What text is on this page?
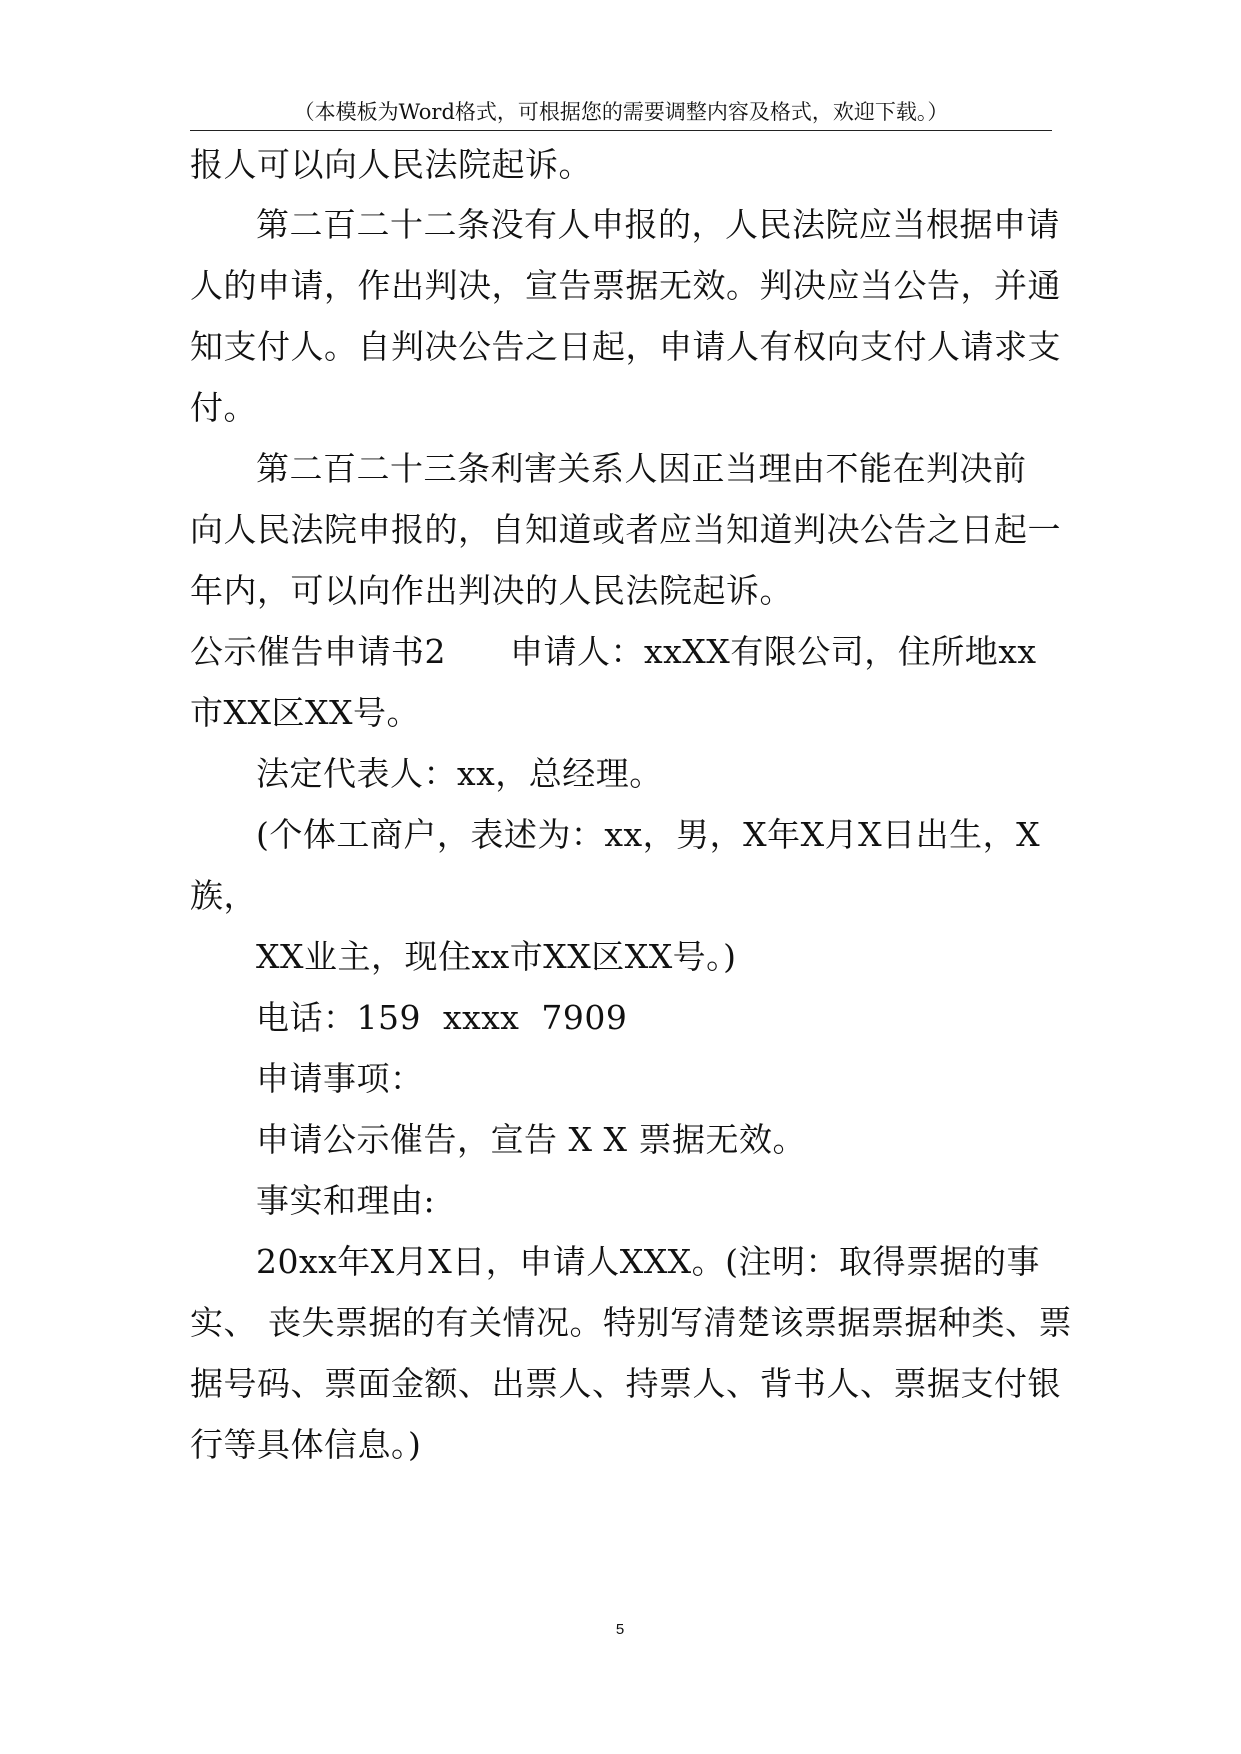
（本模板为Word格式，可根据您的需要调整内容及格式，欢迎下载。）
报人可以向人民法院起诉。
第二百二十二条没有人申报的，人民法院应当根据申请
人的申请，作出判决，宣告票据无效。判决应当公告，并通
知支付人。自判决公告之日起，申请人有权向支付人请求支
付。
第二百二十三条利害关系人因正当理由不能在判决前
向人民法院申报的，自知道或者应当知道判决公告之日起一
年内，可以向作出判决的人民法院起诉。
公示催告申请书2 申请人：xxXX有限公司，住所地xx
市XX区XX号。
法定代表人：xx，总经理。
(个体工商户，表述为：xx，男，X年X月X日出生，X
族，
XX业主，现住xx市XX区XX号。)
电话：159  xxxx  7909
申请事项：
申请公示催告，宣告 X X 票据无效。
事实和理由:
20xx年X月X日，申请人XXX。(注明：取得票据的事
实、 丧失票据的有关情况。特别写清楚该票据票据种类、票
据号码、票面金额、出票人、持票人、背书人、票据支付银
行等具体信息。)
5
